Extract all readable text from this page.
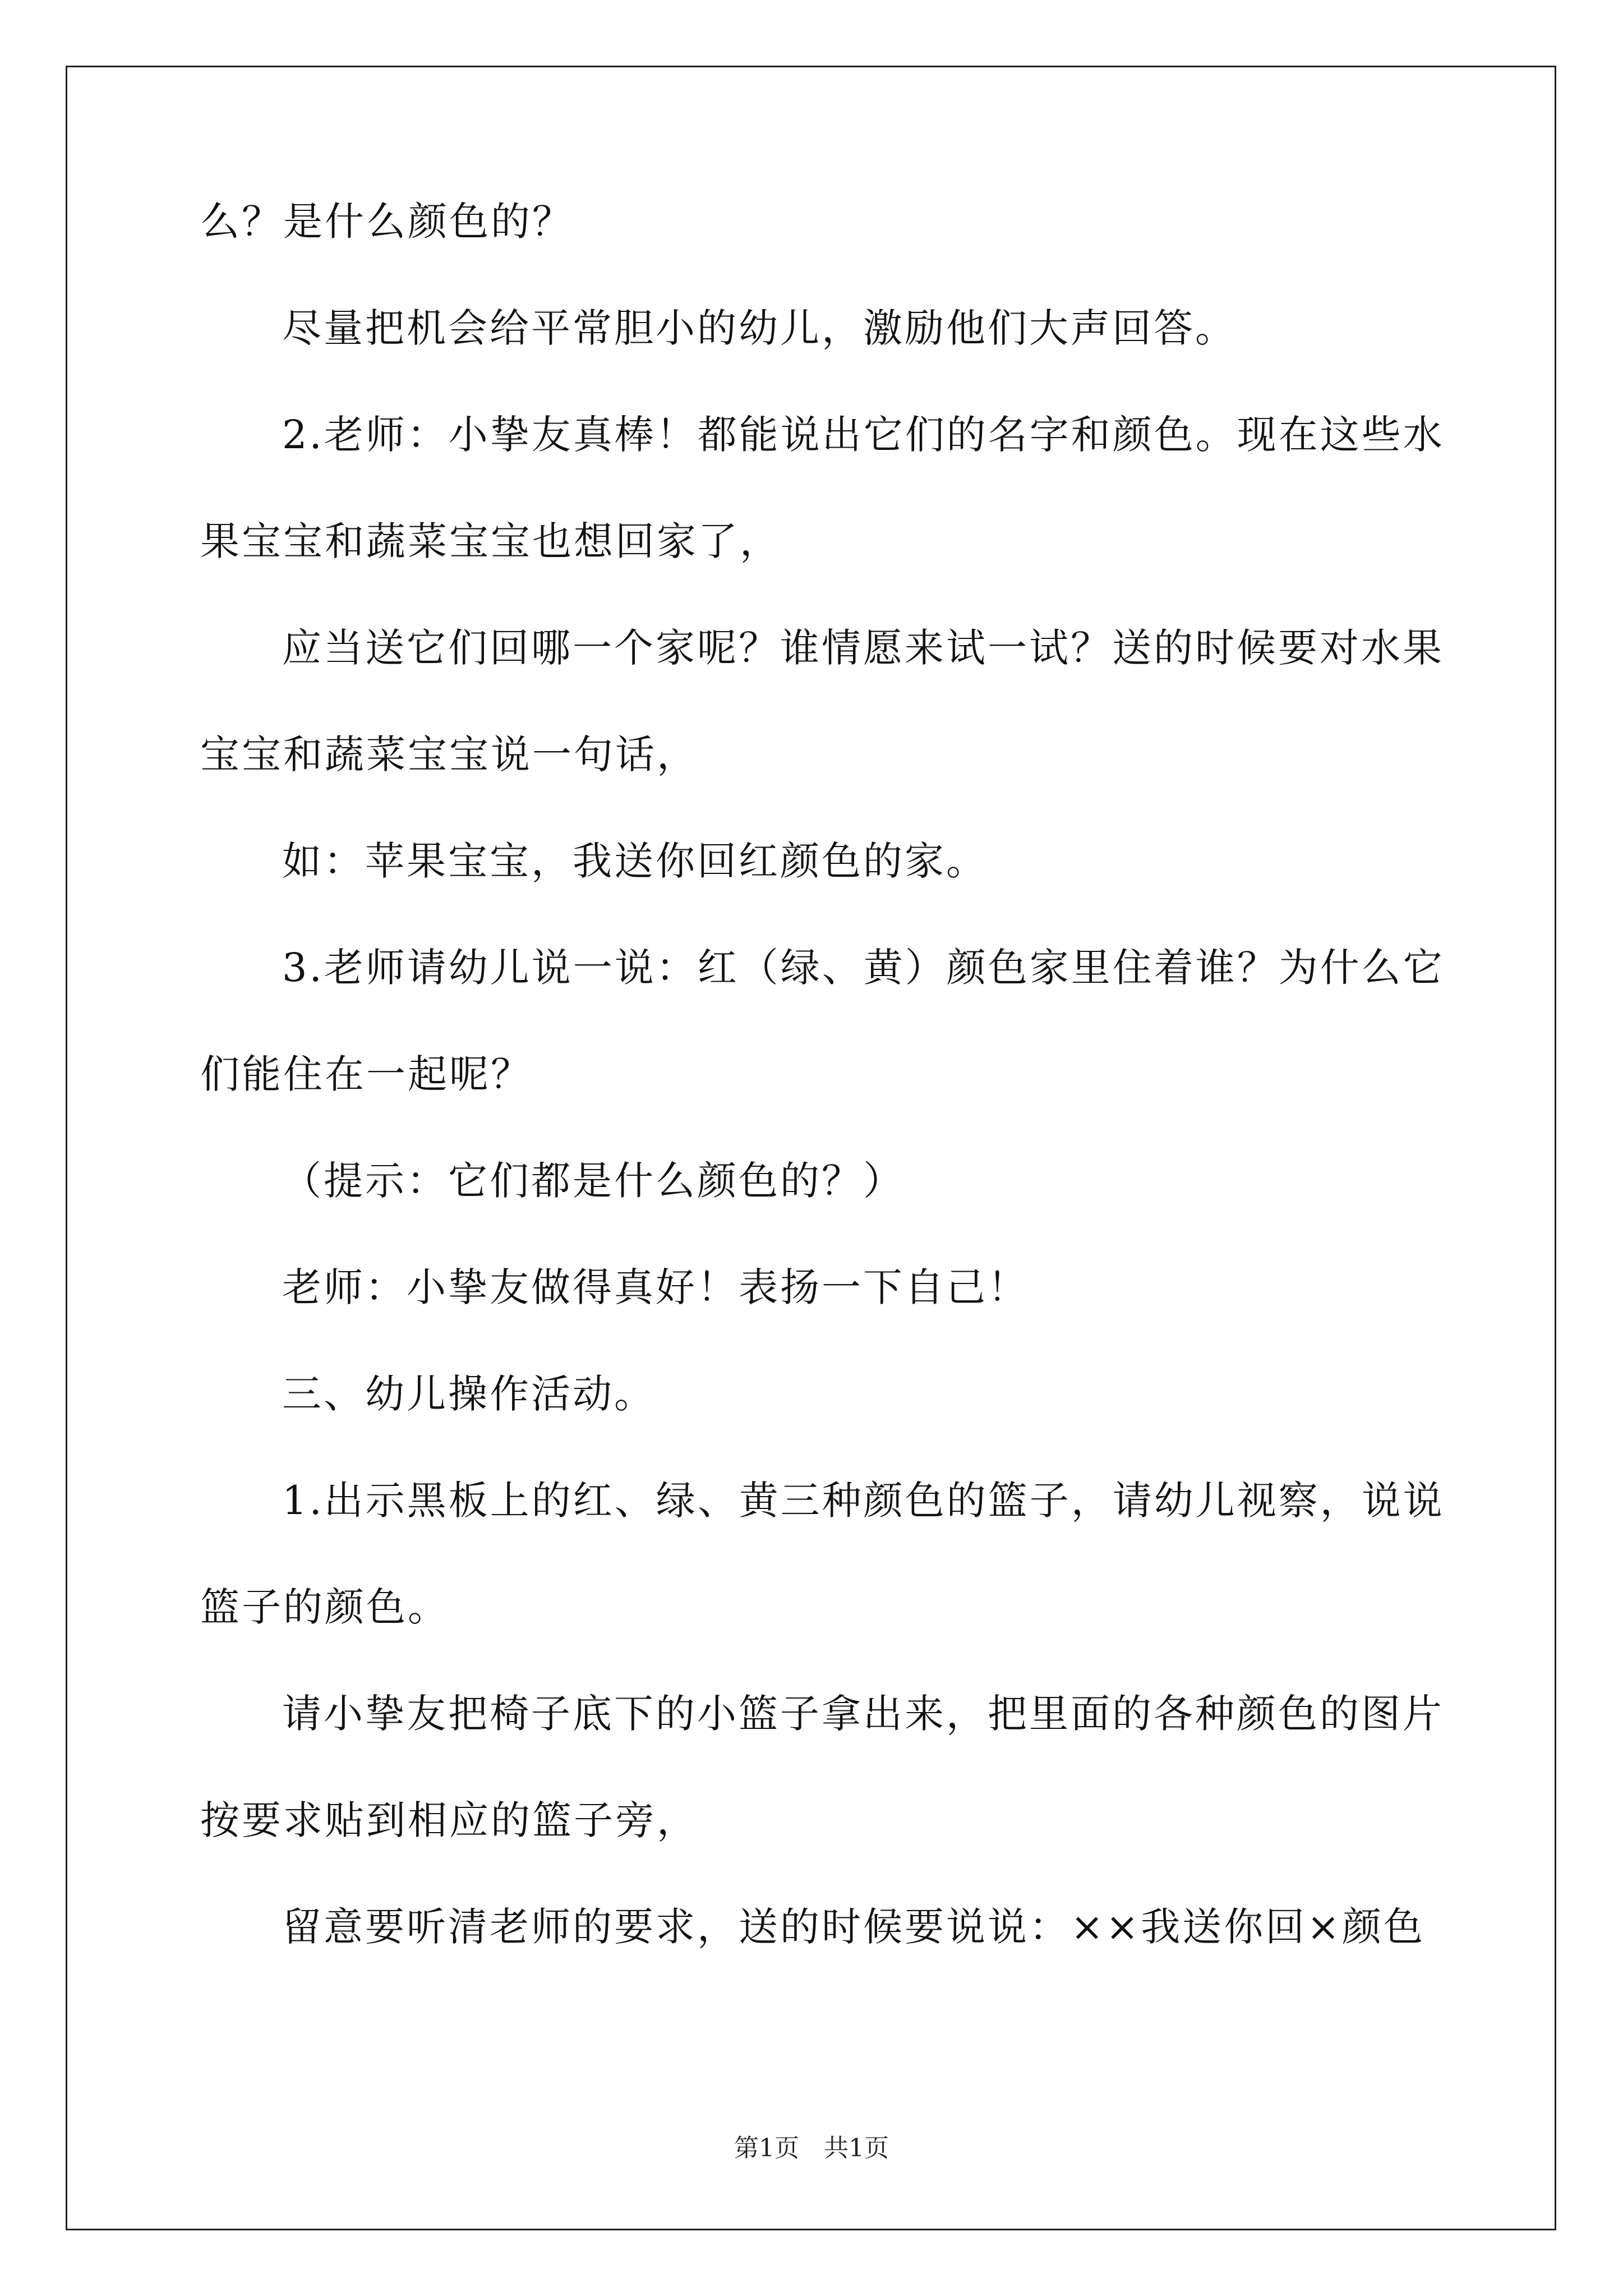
么？是什么颜色的？
尽量把机会给平常胆小的幼儿，激励他们大声回答。
2.老师：小挚友真棒！都能说出它们的名字和颜色。现在这些水
果宝宝和蔬菜宝宝也想回家了，
应当送它们回哪一个家呢？谁情愿来试一试？送的时候要对水果
宝宝和蔬菜宝宝说一句话，
如：苹果宝宝，我送你回红颜色的家。
3.老师请幼儿说一说：红（绿、黄）颜色家里住着谁？为什么它
们能住在一起呢？
（提示：它们都是什么颜色的？）
老师：小挚友做得真好！表扬一下自己！
三、幼儿操作活动。
1.出示黑板上的红、绿、黄三种颜色的篮子，请幼儿视察，说说
篮子的颜色。
请小挚友把椅子底下的小篮子拿出来，把里面的各种颜色的图片
按要求贴到相应的篮子旁，
留意要听清老师的要求，送的时候要说说：××我送你回×颜色
第1页　共1页
